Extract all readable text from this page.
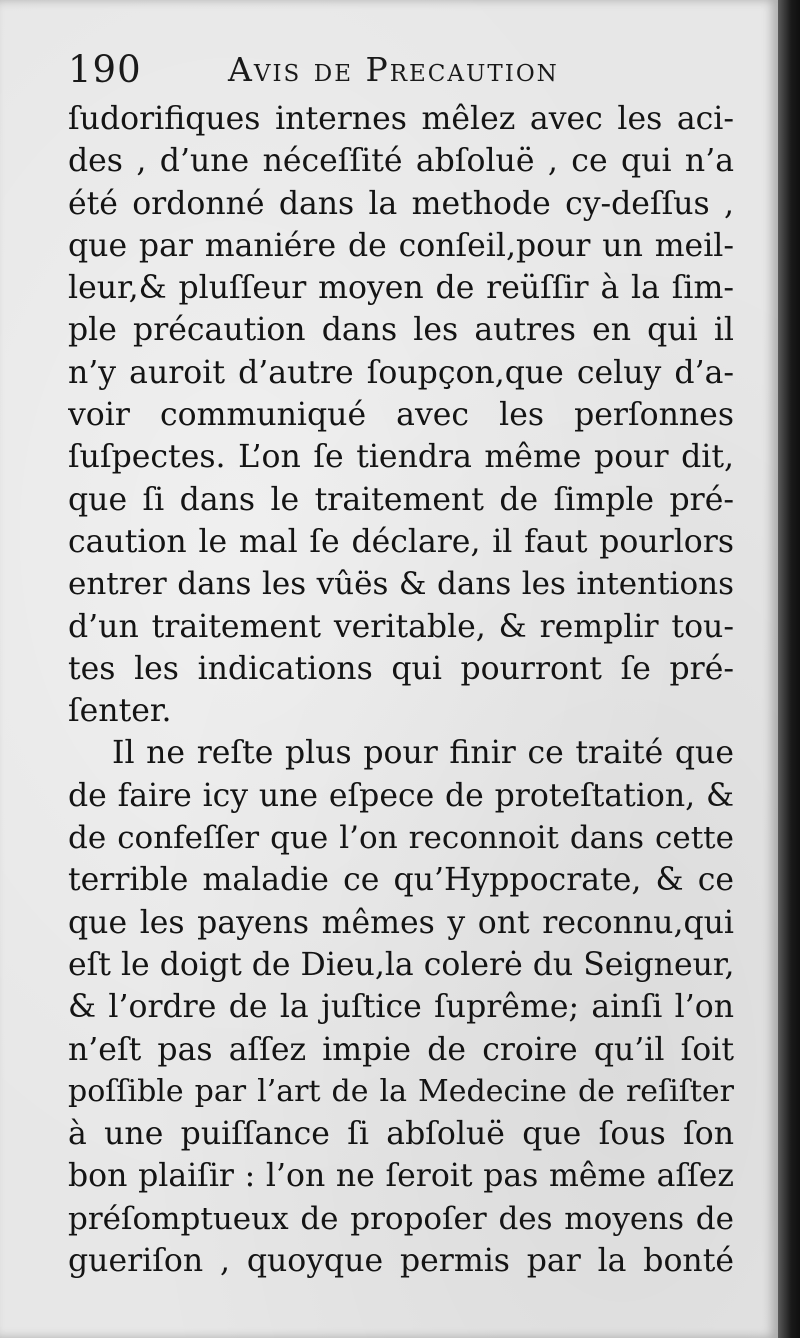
190	Avis de Precaution
ſudorifiques internes mêlez avec les aci-
des , d’une néceſſité abſoluë , ce qui n’a
été ordonné dans la methode cy-deſſus ,
que par maniére de conſeil,pour un meil-
leur,& pluſſeur moyen de reüſſir à la ſim-
ple précaution dans les autres en qui il
n’y auroit d’autre ſoupçon,que celuy d’a-
voir communiqué avec les perſonnes
ſuſpectes. L’on ſe tiendra même pour dit,
que ſi dans le traitement de ſimple pré-
caution le mal ſe déclare, il faut pourlors
entrer dans les vûës & dans les intentions
d’un traitement veritable, & remplir tou-
tes les indications qui pourront ſe pré-
ſenter.
Il ne reſte plus pour finir ce traité que
de faire icy une eſpece de proteſtation, &
de confeſſer que l’on reconnoit dans cette
terrible maladie ce qu’Hyppocrate, & ce
que les payens mêmes y ont reconnu,qui
eſt le doigt de Dieu,la colerė du Seigneur,
& l’ordre de la juſtice ſuprême; ainſi l’on
n’eſt pas aſſez impie de croire qu’il ſoit
poſſible par l’art de la Medecine de reſiſter
à une puiſſance ſi abſoluë que ſous ſon
bon plaiſir : l’on ne ſeroit pas même aſſez
préſomptueux de propoſer des moyens de
gueriſon , quoyque permis par la bonté
